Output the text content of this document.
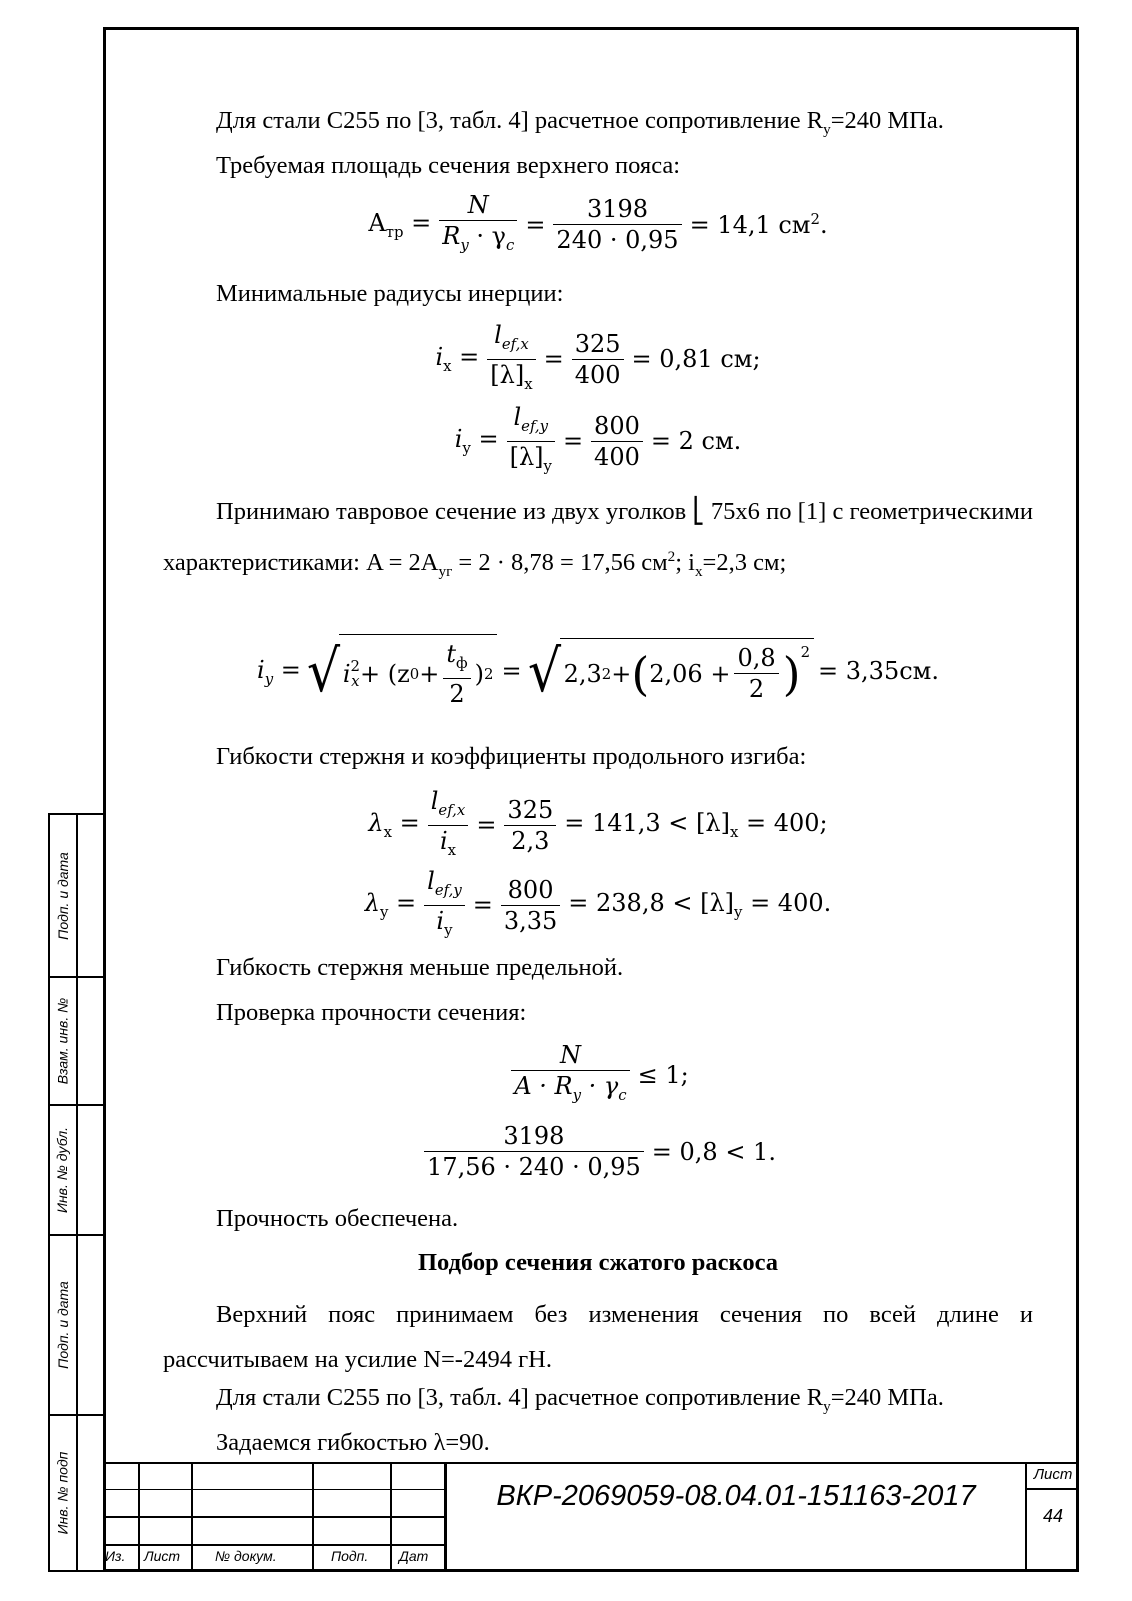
Подп. и дата
Взам. инв. №
Инв. № дубл.
Подп. и дата
Инв. № подп

Для стали С255 по [3, табл. 4] расчетное сопротивление $R_y=240$ МПа.

Требуемая площадь сечения верхнего пояса:

$A_{тр} = \frac{N}{R_y \cdot \gamma_c} = \frac{3198}{240 \cdot 0,95} = 14,1$ $см^2$.

Минимальные радиусы инерции:

$i_x = \frac{l_{ef,x}}{[\lambda]_x} = \frac{325}{400} = 0,81$ см;
$i_y = \frac{l_{ef,y}}{[\lambda]_y} = \frac{800}{400} = 2$ см.

Принимаю тавровое сечение из двух уголков ⎣ 75х6 по [1] с геометрическими характеристиками: $A = 2A_{уг} = 2 \cdot 8,78 = 17,56$ $см^2$; $i_x=2,3$ см;

$i_y$ = √ i 2
x + (z $0 + \frac{t_ф}{2}$ ) 2 = √ 2,3 2 + ( $2,06 + \frac{0,8}{2} )^2$
= 3,35см.

Гибкости стержня и коэффициенты продольного изгиба:

$\lambda_x = \frac{l_{ef,x}}{i_x} = \frac{325}{2,3} = 141,3 < [\lambda]_x = 400$;
$\lambda_y = \frac{l_{ef,y}}{i_y} = \frac{800}{3,35} = 238,8 < [\lambda]_y = 400$.

Гибкость стержня меньше предельной.

Проверка прочности сечения:

$\frac{N}{A \cdot R_y \cdot \gamma_c} \le 1$;
$\frac{3198}{17,56 \cdot 240 \cdot 0,95} = 0,8 < 1$.

Прочность обеспечена.

Подбор сечения сжатого раскоса

Верхний пояс принимаем без изменения сечения по всей длине и рассчитываем на усилие N=-2494 гН.

Для стали С255 по [3, табл. 4] расчетное сопротивление $R_y=240$ МПа.

Задаемся гибкостью λ=90.

Из. Лист № докум.	Подп. Дат
ВКР-2069059-08.04.01-151163-2017
Лист
44
